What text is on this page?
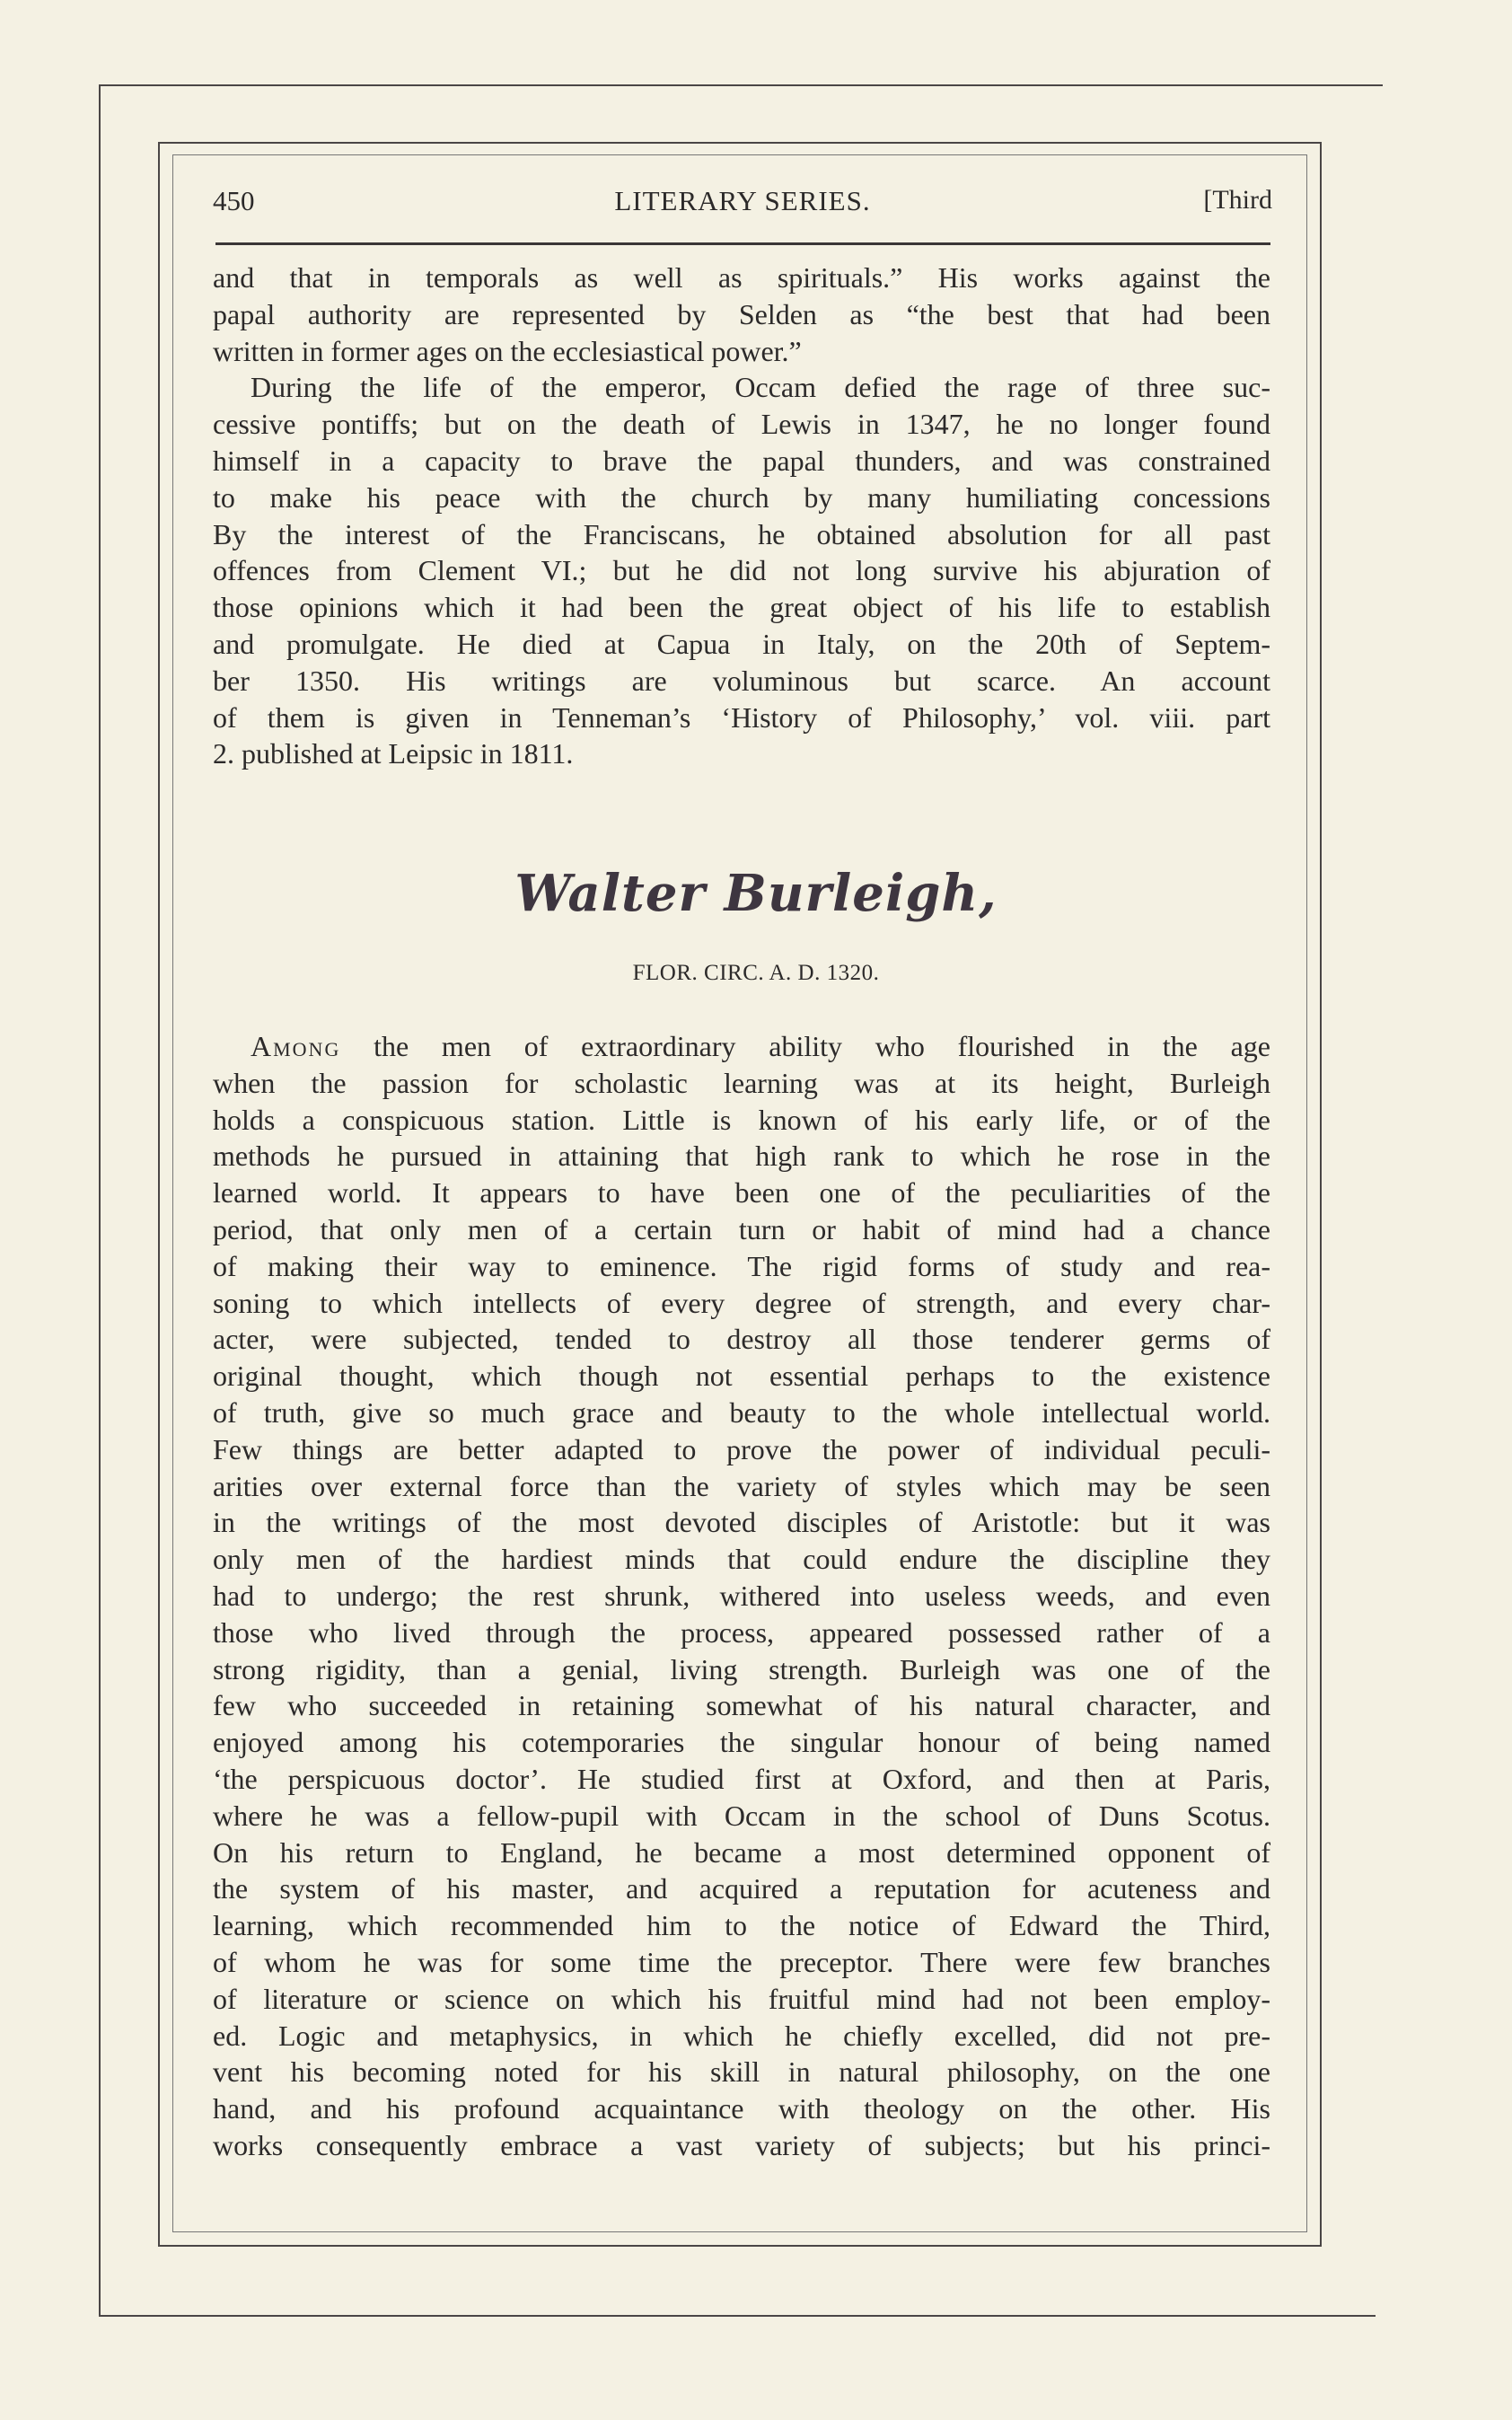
450	LITERARY SERIES.	[Third
and that in temporals as well as spirituals.” His works against the
papal authority are represented by Selden as “the best that had been
written in former ages on the ecclesiastical power.”
During the life of the emperor, Occam defied the rage of three suc-
cessive pontiffs; but on the death of Lewis in 1347, he no longer found
himself in a capacity to brave the papal thunders, and was constrained
to make his peace with the church by many humiliating concessions
By the interest of the Franciscans, he obtained absolution for all past
offences from Clement VI.; but he did not long survive his abjuration of
those opinions which it had been the great object of his life to establish
and promulgate. He died at Capua in Italy, on the 20th of Septem-
ber 1350. His writings are voluminous but scarce. An account
of them is given in Tenneman’s ‘History of Philosophy,’ vol. viii. part
2. published at Leipsic in 1811.
Walter Burleigh,
FLOR. CIRC. A. D. 1320.
Among the men of extraordinary ability who flourished in the age
when the passion for scholastic learning was at its height, Burleigh
holds a conspicuous station. Little is known of his early life, or of the
methods he pursued in attaining that high rank to which he rose in the
learned world. It appears to have been one of the peculiarities of the
period, that only men of a certain turn or habit of mind had a chance
of making their way to eminence. The rigid forms of study and rea-
soning to which intellects of every degree of strength, and every char-
acter, were subjected, tended to destroy all those tenderer germs of
original thought, which though not essential perhaps to the existence
of truth, give so much grace and beauty to the whole intellectual world.
Few things are better adapted to prove the power of individual peculi-
arities over external force than the variety of styles which may be seen
in the writings of the most devoted disciples of Aristotle: but it was
only men of the hardiest minds that could endure the discipline they
had to undergo; the rest shrunk, withered into useless weeds, and even
those who lived through the process, appeared possessed rather of a
strong rigidity, than a genial, living strength. Burleigh was one of the
few who succeeded in retaining somewhat of his natural character, and
enjoyed among his cotemporaries the singular honour of being named
‘the perspicuous doctor’. He studied first at Oxford, and then at Paris,
where he was a fellow-pupil with Occam in the school of Duns Scotus.
On his return to England, he became a most determined opponent of
the system of his master, and acquired a reputation for acuteness and
learning, which recommended him to the notice of Edward the Third,
of whom he was for some time the preceptor. There were few branches
of literature or science on which his fruitful mind had not been employ-
ed. Logic and metaphysics, in which he chiefly excelled, did not pre-
vent his becoming noted for his skill in natural philosophy, on the one
hand, and his profound acquaintance with theology on the other. His
works consequently embrace a vast variety of subjects; but his princi-
